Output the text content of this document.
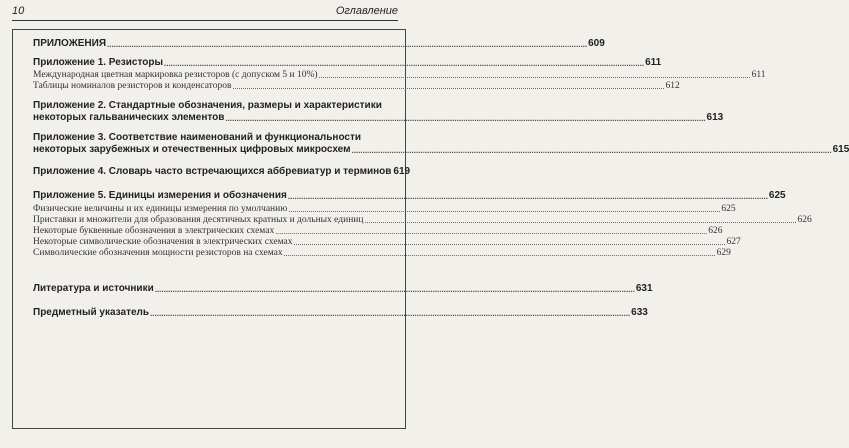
10	Оглавление
ПРИЛОЖЕНИЯ .....	609
Приложение 1. Резисторы .....	611
Международная цветная маркировка резисторов (с допуском 5 и 10%) .....	611
Таблицы номиналов резисторов и конденсаторов .....	612
Приложение 2. Стандартные обозначения, размеры и характеристики
некоторых гальванических элементов .....	613
Приложение 3. Соответствие наименований и функциональности
некоторых зарубежных и отечественных цифровых микросхем .....	615
Приложение 4. Словарь часто встречающихся аббревиатур и терминов 619
Приложение 5. Единицы измерения и обозначения .....	625
Физические величины и их единицы измерения по умолчанию .....	625
Приставки и множители для образования десятичных кратных и дольных единиц .....	626
Некоторые буквенные обозначения в электрических схемах .....	626
Некоторые символические обозначения в электрических схемах .....	627
Символические обозначения мощности резисторов на схемах .....	629
Литература и источники .....	631
Предметный указатель .....	633
